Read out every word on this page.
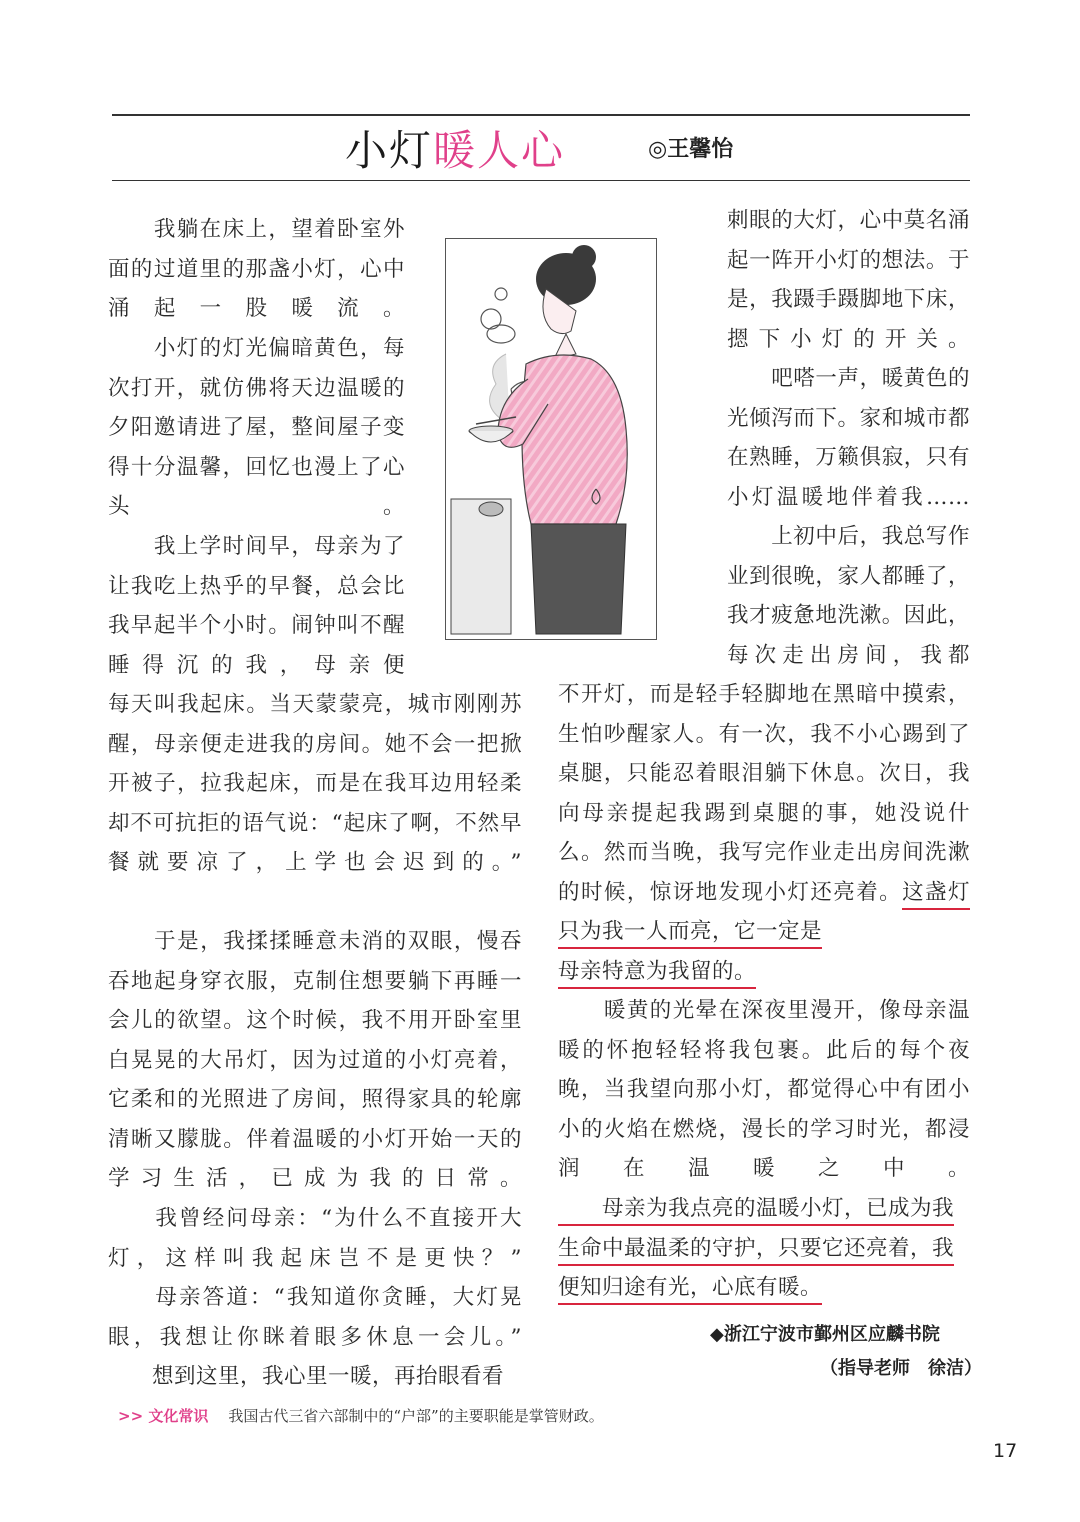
小灯 暖人心	◎王馨怡
　　我躺在床上，望着卧室外面的过道里的那盏小灯，心中涌起一股暖流。
　　小灯的灯光偏暗黄色，每次打开，就仿佛将天边温暖的夕阳邀请进了屋，整间屋子变得十分温馨，回忆也漫上了心头。
　　我上学时间早，母亲为了让我吃上热乎的早餐，总会比我早起半个小时。闹钟叫不醒睡得沉的我，母亲便
每天叫我起床。当天蒙蒙亮，城市刚刚苏醒，母亲便走进我的房间。她不会一把掀开被子，拉我起床，而是在我耳边用轻柔却不可抗拒的语气说：“起床了啊，不然早餐就要凉了，上学也会迟到的。”
　　于是，我揉揉睡意未消的双眼，慢吞吞地起身穿衣服，克制住想要躺下再睡一会儿的欲望。这个时候，我不用开卧室里白晃晃的大吊灯，因为过道的小灯亮着，它柔和的光照进了房间，照得家具的轮廓清晰又朦胧。伴着温暖的小灯开始一天的学习生活，已成为我的日常。
　　我曾经问母亲：“为什么不直接开大灯，这样叫我起床岂不是更快？”
　　母亲答道：“我知道你贪睡，大灯晃眼，我想让你眯着眼多休息一会儿。”
　　想到这里，我心里一暖，再抬眼看看
刺眼的大灯，心中莫名涌起一阵开小灯的想法。于是，我蹑手蹑脚地下床，摁下小灯的开关。
　　吧嗒一声，暖黄色的光倾泻而下。家和城市都在熟睡，万籁俱寂，只有小灯温暖地伴着我……
　　上初中后，我总写作业到很晚，家人都睡了，我才疲惫地洗漱。因此，每次走出房间，我都
不开灯，而是轻手轻脚地在黑暗中摸索，生怕吵醒家人。有一次，我不小心踢到了桌腿，只能忍着眼泪躺下休息。次日，我向母亲提起我踢到桌腿的事，她没说什么。然而当晚，我写完作业走出房间洗漱的时候，惊讶地发现小灯还亮着。这盏灯只为我一人而亮，它一定是
母亲特意为我留的。
　　暖黄的光晕在深夜里漫开，像母亲温暖的怀抱轻轻将我包裹。此后的每个夜晚，当我望向那小灯，都觉得心中有团小小的火焰在燃烧，漫长的学习时光，都浸润在温暖之中。
　　母亲为我点亮的温暖小灯，已成为我
生命中最温柔的守护，只要它还亮着，我
便知归途有光，心底有暖。
◆浙江宁波市鄞州区应麟书院
（指导老师　徐洁）
>> 文化常识 我国古代三省六部制中的“户部”的主要职能是掌管财政。
17
